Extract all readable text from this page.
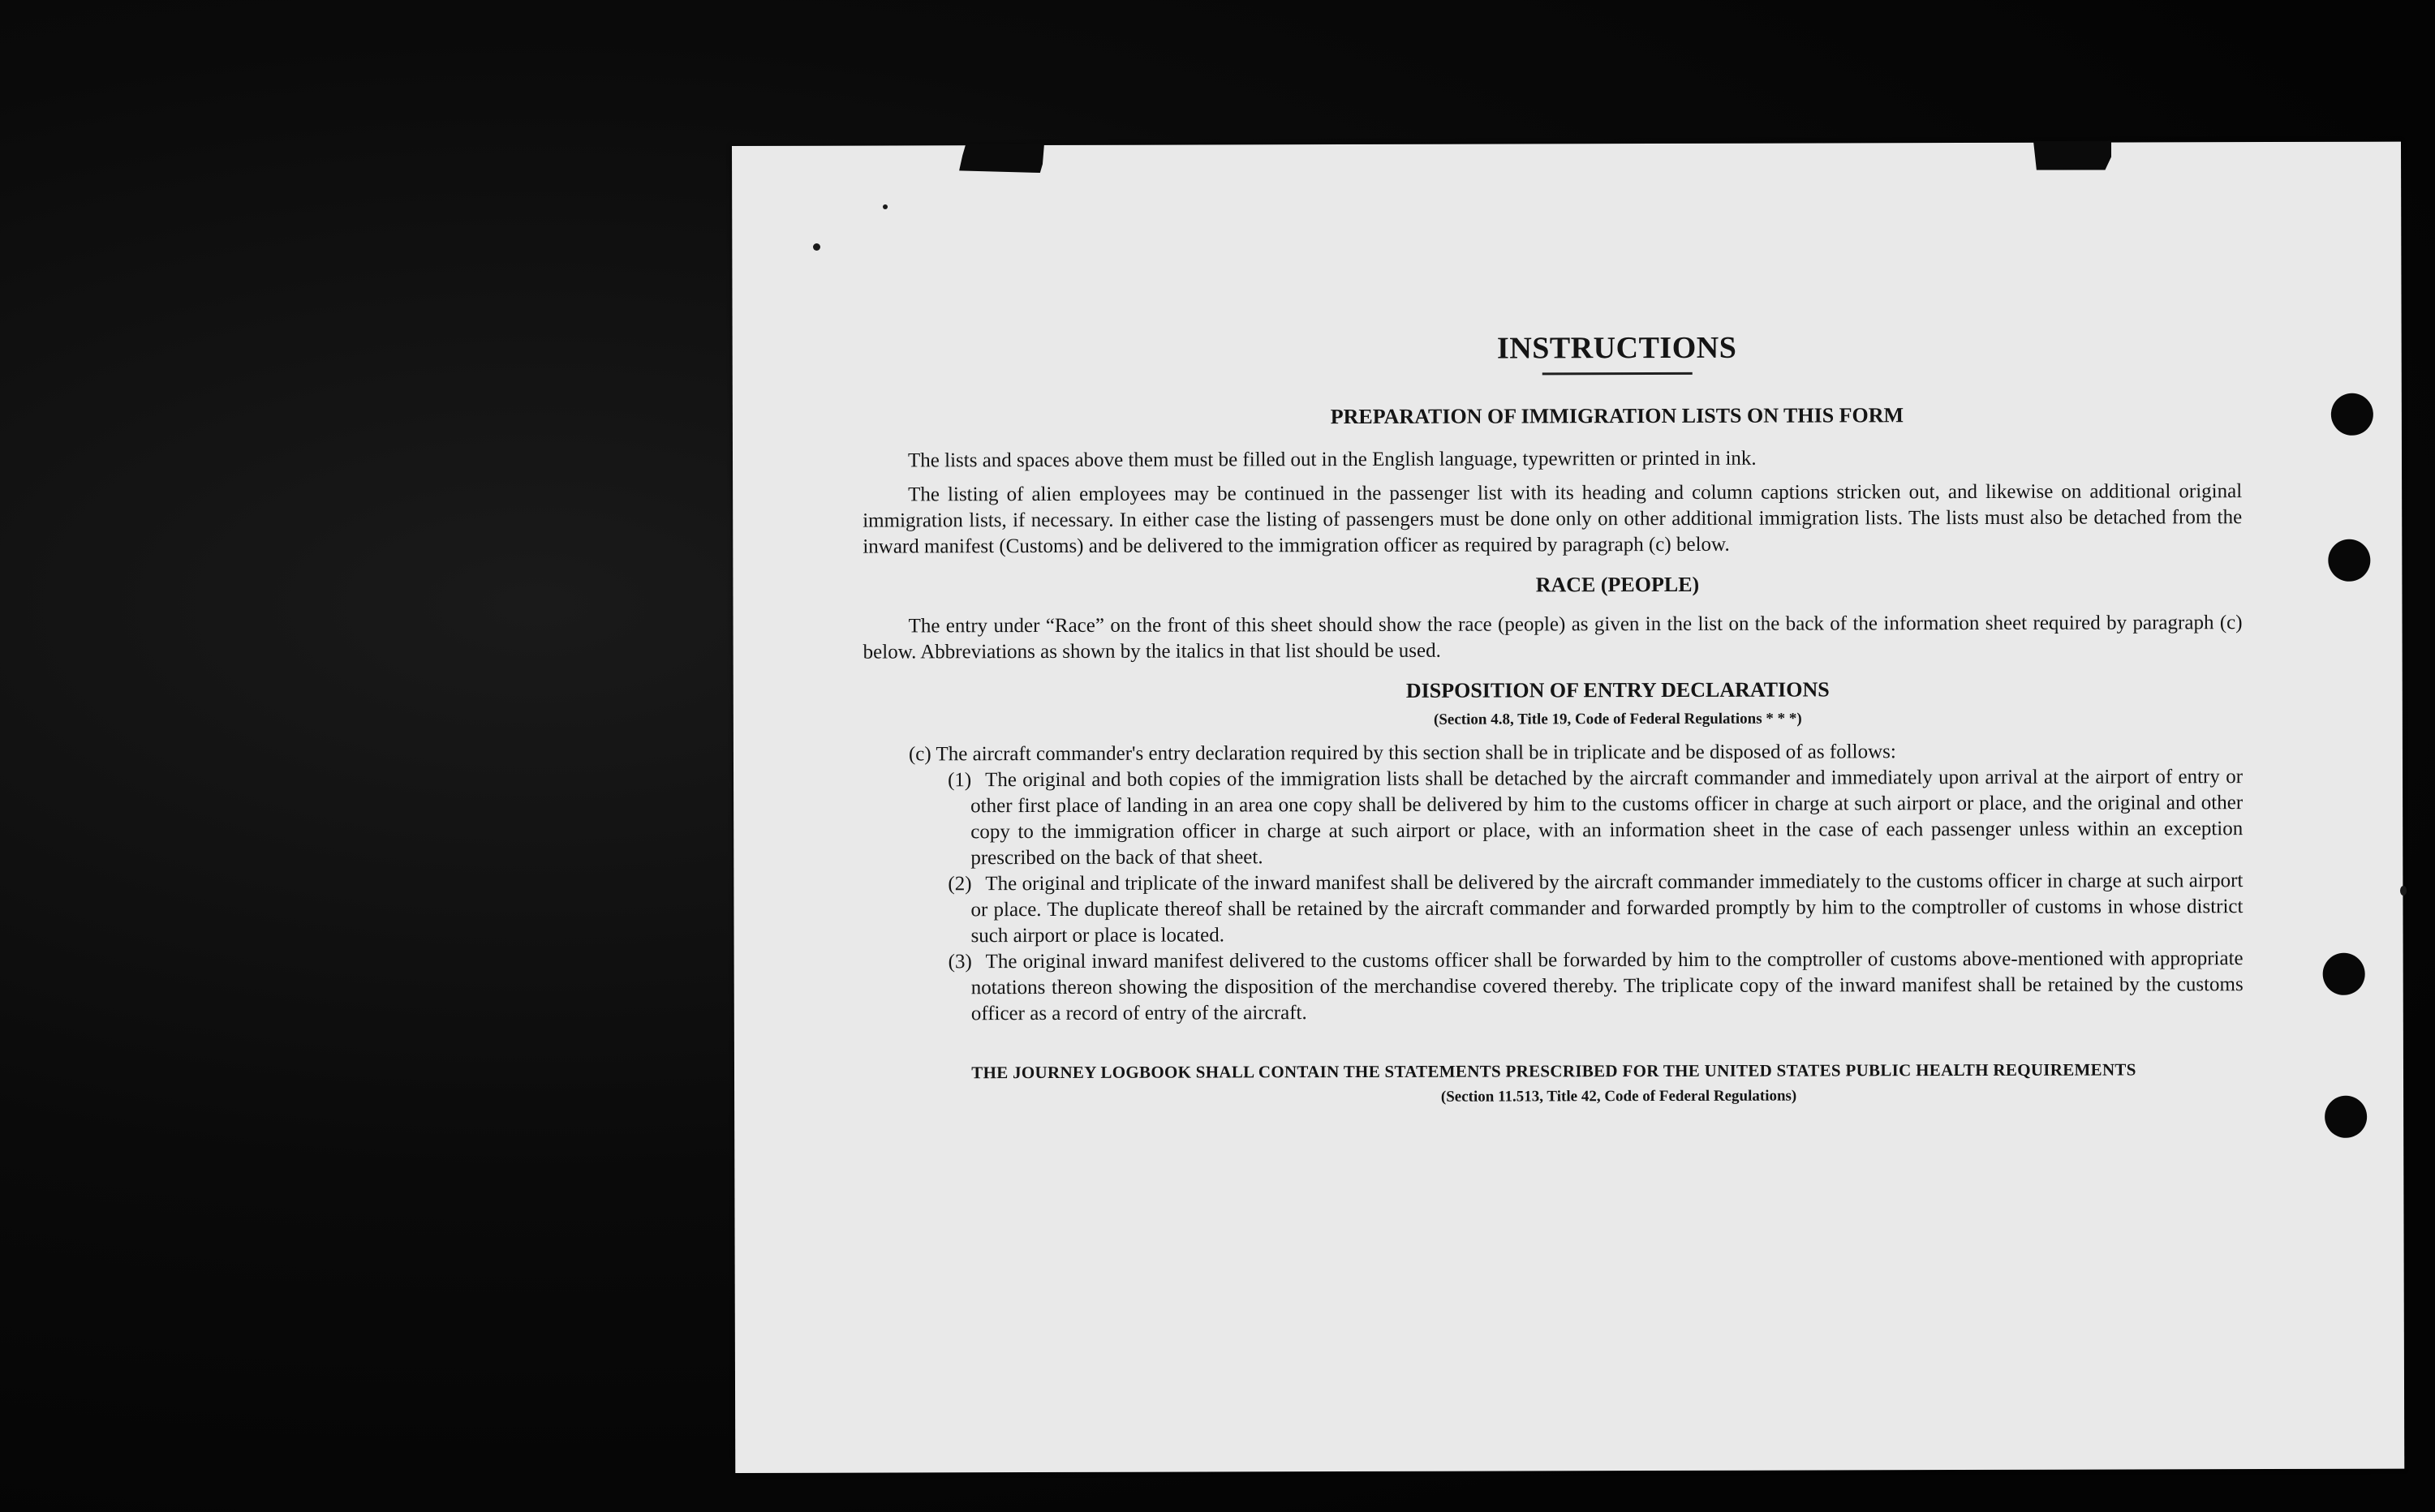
INSTRUCTIONS
PREPARATION OF IMMIGRATION LISTS ON THIS FORM

The lists and spaces above them must be filled out in the English language, typewritten or printed in ink.

The listing of alien employees may be continued in the passenger list with its heading and column captions stricken out, and likewise on additional original immigration lists, if necessary. In either case the listing of passengers must be done only on other additional immigration lists. The lists must also be detached from the inward manifest (Customs) and be delivered to the immigration officer as required by paragraph (c) below.

RACE (PEOPLE)

The entry under “Race” on the front of this sheet should show the race (people) as given in the list on the back of the information sheet required by paragraph (c) below. Abbreviations as shown by the italics in that list should be used.

DISPOSITION OF ENTRY DECLARATIONS

(Section 4.8, Title 19, Code of Federal Regulations * * *)

(c) The aircraft commander's entry declaration required by this section shall be in triplicate and be disposed of as follows:

(1) The original and both copies of the immigration lists shall be detached by the aircraft commander and immediately upon arrival at the airport of entry or other first place of landing in an area one copy shall be delivered by him to the customs officer in charge at such airport or place, and the original and other copy to the immigration officer in charge at such airport or place, with an information sheet in the case of each passenger unless within an exception prescribed on the back of that sheet.

(2) The original and triplicate of the inward manifest shall be delivered by the aircraft commander immediately to the customs officer in charge at such airport or place. The duplicate thereof shall be retained by the aircraft commander and forwarded promptly by him to the comptroller of customs in whose district such airport or place is located.

(3) The original inward manifest delivered to the customs officer shall be forwarded by him to the comptroller of customs above-mentioned with appropriate notations thereon showing the disposition of the merchandise covered thereby. The triplicate copy of the inward manifest shall be retained by the customs officer as a record of entry of the aircraft.

THE JOURNEY LOGBOOK SHALL CONTAIN THE STATEMENTS PRESCRIBED FOR THE UNITED STATES PUBLIC HEALTH REQUIREMENTS
(Section 11.513, Title 42, Code of Federal Regulations)
